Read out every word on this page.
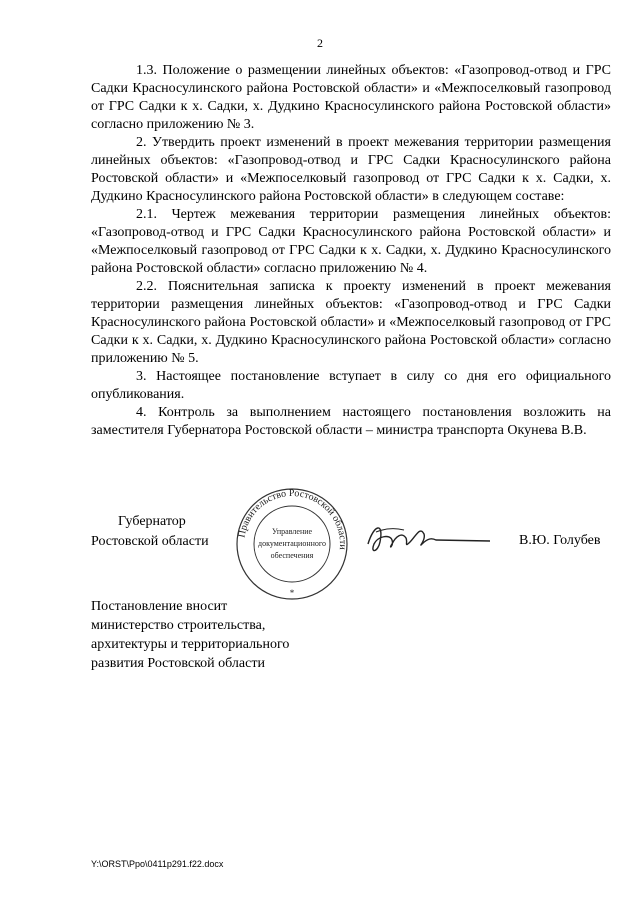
2

1.3. Положение о размещении линейных объектов: «Газопровод-отвод и ГРС Садки Красносулинского района Ростовской области» и «Межпоселковый газопровод от ГРС Садки к х. Садки, х. Дудкино Красносулинского района Ростовской области» согласно приложению № 3.

2. Утвердить проект изменений в проект межевания территории размещения линейных объектов: «Газопровод-отвод и ГРС Садки Красносулинского района Ростовской области» и «Межпоселковый газопровод от ГРС Садки к х. Садки, х. Дудкино Красносулинского района Ростовской области» в следующем составе:

2.1. Чертеж межевания территории размещения линейных объектов: «Газопровод-отвод и ГРС Садки Красносулинского района Ростовской области» и «Межпоселковый газопровод от ГРС Садки к х. Садки, х. Дудкино Красносулинского района Ростовской области» согласно приложению № 4.

2.2. Пояснительная записка к проекту изменений в проект межевания территории размещения линейных объектов: «Газопровод-отвод и ГРС Садки Красносулинского района Ростовской области» и «Межпоселковый газопровод от ГРС Садки к х. Садки, х. Дудкино Красносулинского района Ростовской области» согласно приложению № 5.

3. Настоящее постановление вступает в силу со дня его официального опубликования.

4. Контроль за выполнением настоящего постановления возложить на заместителя Губернатора Ростовской области – министра транспорта Окунева В.В.

Губернатор
Ростовской области
Правительство Ростовской области
Управление
документационного
обеспечения
*
В.Ю. Голубев
Постановление вносит
министерство строительства,
архитектуры и территориального
развития Ростовской области
Y:\ORST\Ppo\0411p291.f22.docx
